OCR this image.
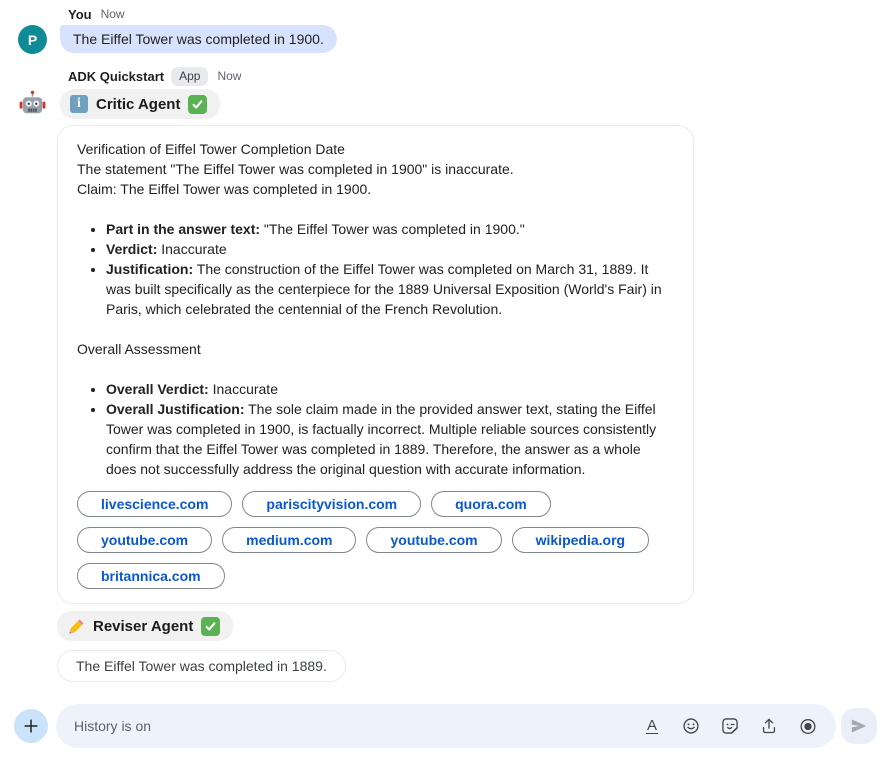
You Now
P	The Eiffel Tower was completed in 1900.
ADK Quickstart	App	Now
i	Critic Agent
Verification of Eiffel Tower Completion Date
The statement "The Eiffel Tower was completed in 1900" is inaccurate.
Claim: The Eiffel Tower was completed in 1900.
• Part in the answer text: "The Eiffel Tower was completed in 1900."
• Verdict: Inaccurate
• Justification: The construction of the Eiffel Tower was completed on March 31, 1889. It was built specifically as the centerpiece for the 1889 Universal Exposition (World's Fair) in Paris, which celebrated the centennial of the French Revolution.
Overall Assessment
• Overall Verdict: Inaccurate
• Overall Justification: The sole claim made in the provided answer text, stating the Eiffel Tower was completed in 1900, is factually incorrect. Multiple reliable sources consistently confirm that the Eiffel Tower was completed in 1889. Therefore, the answer as a whole does not successfully address the original question with accurate information.
livescience.com	pariscityvision.com	quora.com
youtube.com	medium.com	youtube.com	wikipedia.org
britannica.com
Reviser Agent

The Eiffel Tower was completed in 1889.
History is on
A
